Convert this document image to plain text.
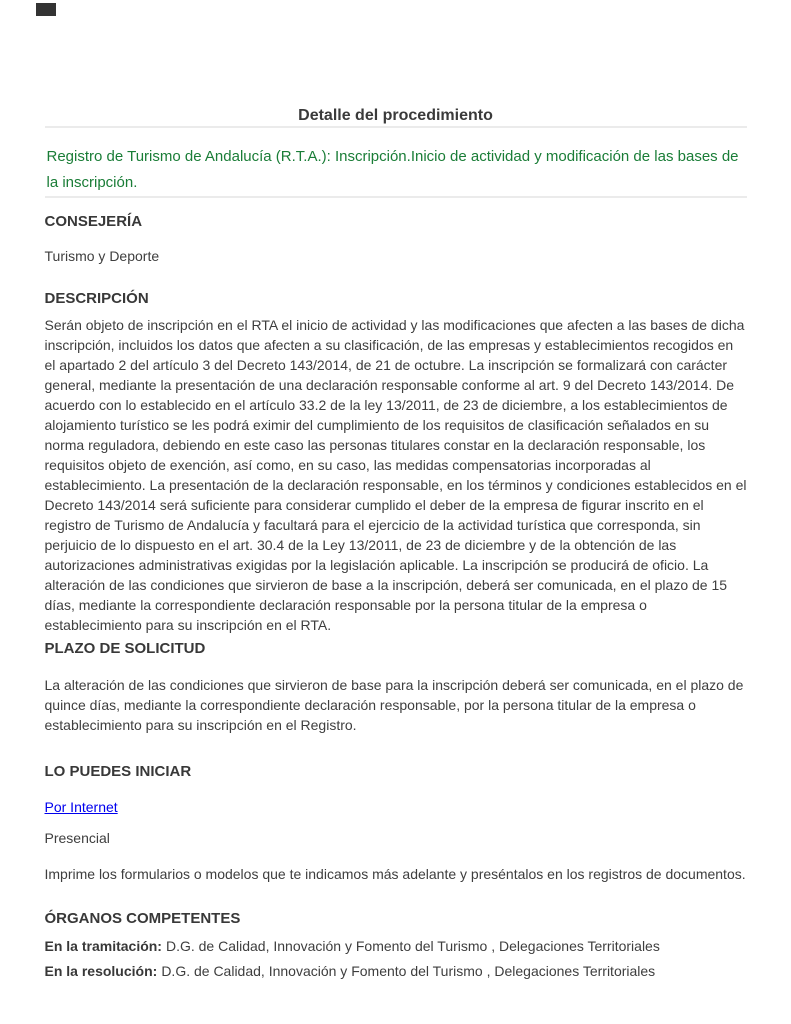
Detalle del procedimiento

Registro de Turismo de Andalucía (R.T.A.): Inscripción.Inicio de actividad y modificación de las bases de la inscripción.

CONSEJERÍA

Turismo y Deporte

DESCRIPCIÓN

Serán objeto de inscripción en el RTA el inicio de actividad y las modificaciones que afecten a las bases de dicha inscripción, incluidos los datos que afecten a su clasificación, de las empresas y establecimientos recogidos en el apartado 2 del artículo 3 del Decreto 143/2014, de 21 de octubre. La inscripción se formalizará con carácter general, mediante la presentación de una declaración responsable conforme al art. 9 del Decreto 143/2014. De acuerdo con lo establecido en el artículo 33.2 de la ley 13/2011, de 23 de diciembre, a los establecimientos de alojamiento turístico se les podrá eximir del cumplimiento de los requisitos de clasificación señalados en su norma reguladora, debiendo en este caso las personas titulares constar en la declaración responsable, los requisitos objeto de exención, así como, en su caso, las medidas compensatorias incorporadas al establecimiento. La presentación de la declaración responsable, en los términos y condiciones establecidos en el Decreto 143/2014 será suficiente para considerar cumplido el deber de la empresa de figurar inscrito en el registro de Turismo de Andalucía y facultará para el ejercicio de la actividad turística que corresponda, sin perjuicio de lo dispuesto en el art. 30.4 de la Ley 13/2011, de 23 de diciembre y de la obtención de las autorizaciones administrativas exigidas por la legislación aplicable. La inscripción se producirá de oficio. La alteración de las condiciones que sirvieron de base a la inscripción, deberá ser comunicada, en el plazo de 15 días, mediante la correspondiente declaración responsable por la persona titular de la empresa o establecimiento para su inscripción en el RTA.

PLAZO DE SOLICITUD

La alteración de las condiciones que sirvieron de base para la inscripción deberá ser comunicada, en el plazo de quince días, mediante la correspondiente declaración responsable, por la persona titular de la empresa o establecimiento para su inscripción en el Registro.

LO PUEDES INICIAR

Por Internet

Presencial

Imprime los formularios o modelos que te indicamos más adelante y preséntalos en los registros de documentos.

ÓRGANOS COMPETENTES

En la tramitación: D.G. de Calidad, Innovación y Fomento del Turismo , Delegaciones Territoriales

En la resolución: D.G. de Calidad, Innovación y Fomento del Turismo , Delegaciones Territoriales
